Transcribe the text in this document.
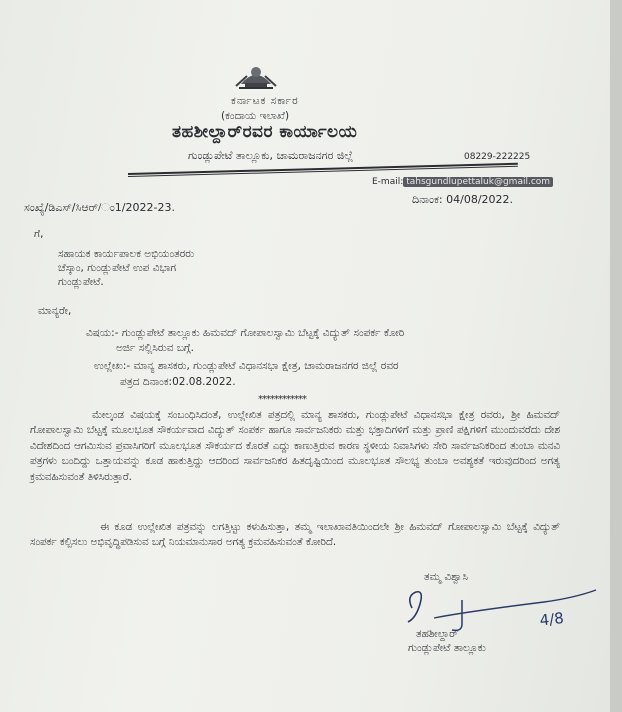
ಕರ್ನಾಟಕ ಸರ್ಕಾರ
(ಕಂದಾಯ ಇಲಾಖೆ)
ತಹಶೀಲ್ದಾರ್‌ರವರ ಕಾರ್ಯಾಲಯ
ಗುಂಡ್ಲುಪೇಟೆ ತಾಲ್ಲೂಕು, ಚಾಮರಾಜನಗರ ಜಿಲ್ಲೆ	08229-222225
E-mail: tahsgundlupettaluk@gmail.com
ಸಂಖ್ಯೆ/ಡಿಎಸ್/ಸಿಆರ್/ಂ1/2022-23.
ದಿನಾಂಕ: 04/08/2022.
ಗೆ,
ಸಹಾಯಕ ಕಾರ್ಯಪಾಲಕ ಅಭಿಯಂತರರು
ಚೆಸ್ಕಾಂ, ಗುಂಡ್ಲುಪೇಟೆ ಉಪ ವಿಭಾಗ
ಗುಂಡ್ಲುಪೇಟೆ.
ಮಾನ್ಯರೇ,
ವಿಷಯ:- ಗುಂಡ್ಲುಪೇಟೆ ತಾಲ್ಲೂಕು ಹಿಮವದ್ ಗೋಪಾಲಸ್ವಾಮಿ ಬೆಟ್ಟಕ್ಕೆ ವಿದ್ಯುತ್ ಸಂಪರ್ಕ ಕೋರಿ
ಅರ್ಜಿ ಸಲ್ಲಿಸಿರುವ ಬಗ್ಗೆ.
ಉಲ್ಲೇಖ:- ಮಾನ್ಯ ಶಾಸಕರು, ಗುಂಡ್ಲುಪೇಟೆ ವಿಧಾನಸಭಾ ಕ್ಷೇತ್ರ, ಚಾಮರಾಜನಗರ ಜಿಲ್ಲೆ ರವರ
ಪತ್ರದ ದಿನಾಂಕ:02.08.2022.
************
ಮೇಲ್ಕಂಡ ವಿಷಯಕ್ಕೆ ಸಂಬಂಧಿಸಿದಂತೆ, ಉಲ್ಲೇಖಿತ ಪತ್ರದಲ್ಲಿ ಮಾನ್ಯ ಶಾಸಕರು, ಗುಂಡ್ಲುಪೇಟೆ ವಿಧಾನಸಭಾ ಕ್ಷೇತ್ರ ರವರು, ಶ್ರೀ ಹಿಮವದ್ ಗೋಪಾಲಸ್ವಾಮಿ ಬೆಟ್ಟಕ್ಕೆ ಮೂಲಭೂತ ಸೌಕರ್ಯವಾದ ವಿದ್ಯುತ್ ಸಂಪರ್ಕ ಹಾಗೂ ಸಾರ್ವಜನಿಕರು ಮತ್ತು ಭಕ್ತಾದಿಗಳಿಗೆ ಮತ್ತು ಪ್ರಾಣಿ ಪಕ್ಷಿಗಳಿಗೆ ಮುಂದುವರೆದು ದೇಶ ವಿದೇಶದಿಂದ ಆಗಮಿಸುವ ಪ್ರವಾಸಿಗರಿಗೆ ಮೂಲಭೂತ ಸೌಕರ್ಯದ ಕೊರತೆ ಎದ್ದು ಕಾಣುತ್ತಿರುವ ಕಾರಣ ಸ್ಥಳೀಯ ನಿವಾಸಿಗಳು ಸೇರಿ ಸಾರ್ವಜನಿಕರಿಂದ ತುಂಬಾ ಮನವಿ ಪತ್ರಗಳು ಬಂದಿದ್ದು ಒತ್ತಾಯವನ್ನು ಕೂಡ ಹಾಕುತ್ತಿದ್ದು ಆದರಿಂದ ಸಾರ್ವಜನಿಕರ ಹಿತದೃಷ್ಟಿಯಿಂದ ಮೂಲಭೂತ ಸೌಲಭ್ಯ ತುಂಬಾ ಅವಶ್ಯಕತೆ ಇರುವುದರಿಂದ ಅಗತ್ಯ ಕ್ರಮವಹಿಸುವಂತೆ ತಿಳಿಸಿರುತ್ತಾರೆ.
ಈ ಕೂಡ ಉಲ್ಲೇಖಿತ ಪತ್ರವನ್ನು ಲಗತ್ತಿಟ್ಟು ಕಳುಹಿಸುತ್ತಾ, ತಮ್ಮ ಇಲಾಖಾವತಿಯಿಂದಲೇ ಶ್ರೀ ಹಿಮವದ್ ಗೋಪಾಲಸ್ವಾಮಿ ಬೆಟ್ಟಕ್ಕೆ ವಿದ್ಯುತ್ ಸಂಪರ್ಕ ಕಲ್ಪಿಸಲು ಅಭಿವೃದ್ಧಿಪಡಿಸುವ ಬಗ್ಗೆ ನಿಯಮಾನುಸಾರ ಅಗತ್ಯ ಕ್ರಮವಹಿಸುವಂತೆ ಕೋರಿದೆ.
ತಮ್ಮ ವಿಶ್ವಾಸಿ
4/8
ತಹಶೀಲ್ದಾರ್
ಗುಂಡ್ಲುಪೇಟೆ ತಾಲ್ಲೂಕು
